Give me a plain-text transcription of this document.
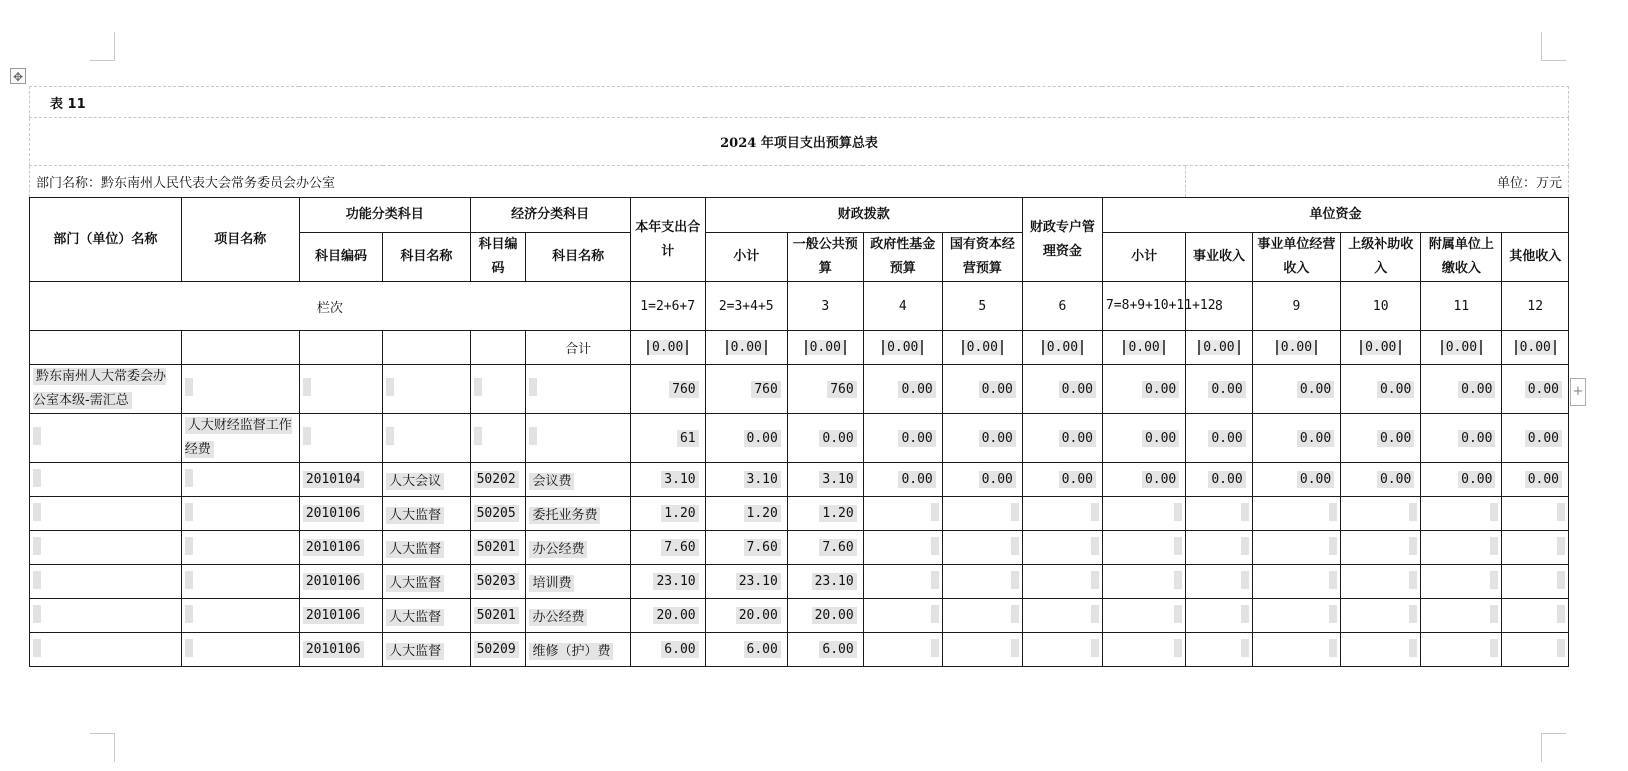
✥
+
表 11																	
2024 年项目支出预算总表																	
部门名称：黔东南州人民代表大会常务委员会办公室													单位：万元				
部门（单位）名称	项目名称	功能分类科目		经济分类科目		本年支出合计	财政拨款				财政专户管理资金	单位资金					
		科目编码	科目名称	科目编码	科目名称		小计	一般公共预算	政府性基金预算	国有资本经营预算		小计	事业收入	事业单位经营收入	上级补助收入	附属单位上缴收入	其他收入
栏次						1=2+6+7	2=3+4+5	3	4	5	6	7=8+9+10+11+12	8	9	10	11	12
					合计	0.00	0.00	0.00	0.00	0.00	0.00	0.00	0.00	0.00	0.00	0.00	0.00
黔东南州人大常委会办公室本级-需汇总						760	760	760	0.00	0.00	0.00	0.00	0.00	0.00	0.00	0.00	0.00
	人大财经监督工作经费					61	0.00	0.00	0.00	0.00	0.00	0.00	0.00	0.00	0.00	0.00	0.00
		2010104	人大会议	50202	会议费	3.10	3.10	3.10	0.00	0.00	0.00	0.00	0.00	0.00	0.00	0.00	0.00
		2010106	人大监督	50205	委托业务费	1.20	1.20	1.20									
		2010106	人大监督	50201	办公经费	7.60	7.60	7.60									
		2010106	人大监督	50203	培训费	23.10	23.10	23.10									
		2010106	人大监督	50201	办公经费	20.00	20.00	20.00									
		2010106	人大监督	50209	维修（护）费	6.00	6.00	6.00									
